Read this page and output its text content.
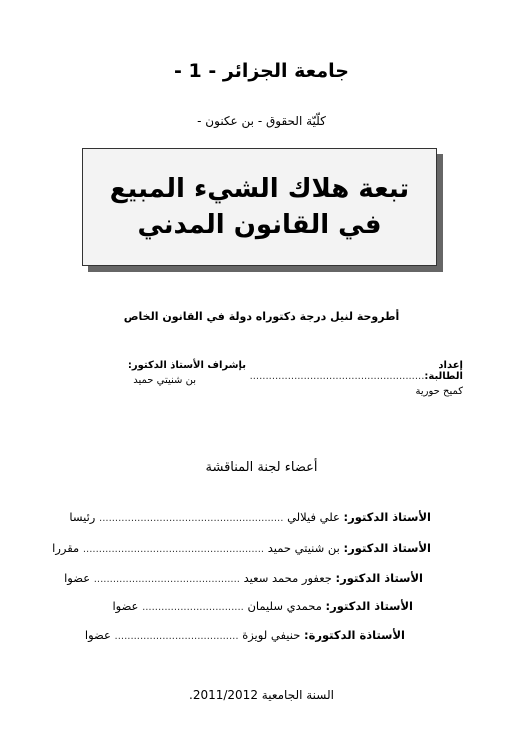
جامعة الجزائر - 1 -
كلّيّة الحقوق - بن عكنون -
تبعة هلاك الشيء المبيع
في القانون المدني
أطروحة لنيل درجة دكتوراه دولة في القانون الخاص
إعداد الطالبة:.......................................................
كميح حورية
بإشراف الأستاذ الدكتور:
بن شنيتي حميد
أعضاء لجنة المناقشة
الأستاذ الدكتور: علي فيلالي .......................................................... رئيسا
الأستاذ الدكتور: بن شنيتي حميد ......................................................... مقررا
الأستاذ الدكتور: جعفور محمد سعيد .............................................. عضوا
الأستاذ الدكتور: محمدي سليمان ................................ عضوا
الأستاذة الدكتورة: حنيفي لويزة ....................................... عضوا
السنة الجامعية 2011/2012.
